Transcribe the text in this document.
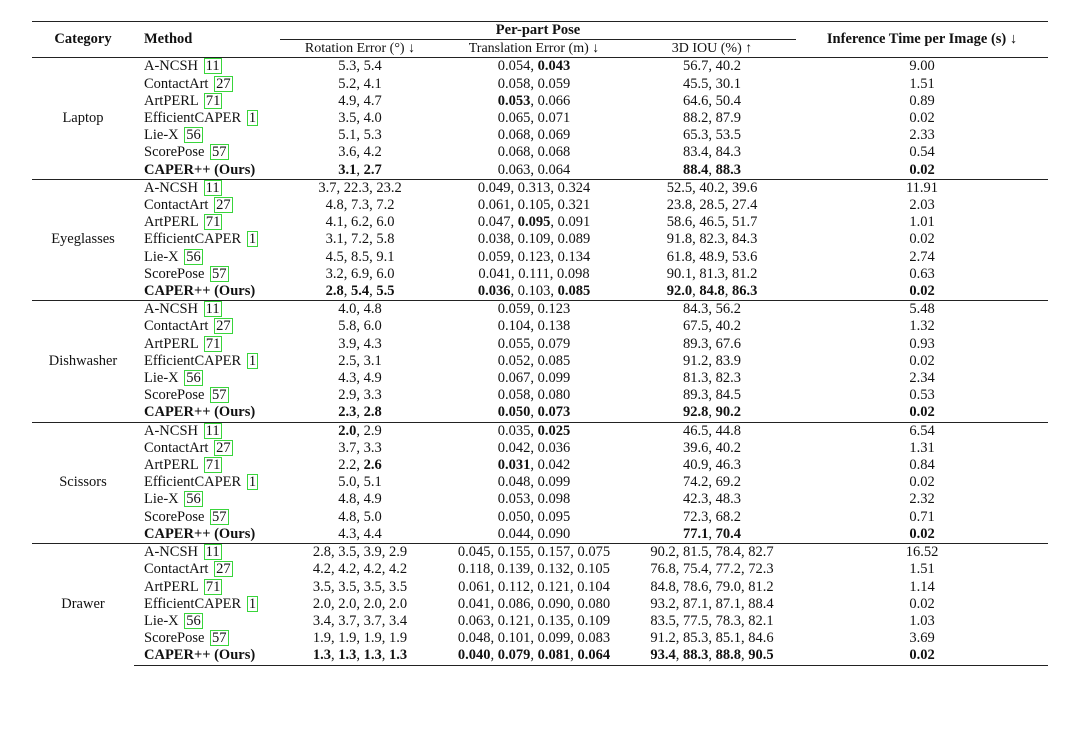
Category	Method	Per-part Pose			Inference Time per Image (s) ↓
		Rotation Error (°) ↓	Translation Error (m) ↓	3D IOU (%) ↑	
Laptop	A-NCSH 11	5.3, 5.4	0.054, 0.043	56.7, 40.2	9.00
	ContactArt 27	5.2, 4.1	0.058, 0.059	45.5, 30.1	1.51
	ArtPERL 71	4.9, 4.7	0.053, 0.066	64.6, 50.4	0.89
	EfficientCAPER 1	3.5, 4.0	0.065, 0.071	88.2, 87.9	0.02
	Lie-X 56	5.1, 5.3	0.068, 0.069	65.3, 53.5	2.33
	ScorePose 57	3.6, 4.2	0.068, 0.068	83.4, 84.3	0.54
	CAPER++ (Ours)	3.1, 2.7	0.063, 0.064	88.4, 88.3	0.02
Eyeglasses	A-NCSH 11	3.7, 22.3, 23.2	0.049, 0.313, 0.324	52.5, 40.2, 39.6	11.91
	ContactArt 27	4.8, 7.3, 7.2	0.061, 0.105, 0.321	23.8, 28.5, 27.4	2.03
	ArtPERL 71	4.1, 6.2, 6.0	0.047, 0.095, 0.091	58.6, 46.5, 51.7	1.01
	EfficientCAPER 1	3.1, 7.2, 5.8	0.038, 0.109, 0.089	91.8, 82.3, 84.3	0.02
	Lie-X 56	4.5, 8.5, 9.1	0.059, 0.123, 0.134	61.8, 48.9, 53.6	2.74
	ScorePose 57	3.2, 6.9, 6.0	0.041, 0.111, 0.098	90.1, 81.3, 81.2	0.63
	CAPER++ (Ours)	2.8, 5.4, 5.5	0.036, 0.103, 0.085	92.0, 84.8, 86.3	0.02
Dishwasher	A-NCSH 11	4.0, 4.8	0.059, 0.123	84.3, 56.2	5.48
	ContactArt 27	5.8, 6.0	0.104, 0.138	67.5, 40.2	1.32
	ArtPERL 71	3.9, 4.3	0.055, 0.079	89.3, 67.6	0.93
	EfficientCAPER 1	2.5, 3.1	0.052, 0.085	91.2, 83.9	0.02
	Lie-X 56	4.3, 4.9	0.067, 0.099	81.3, 82.3	2.34
	ScorePose 57	2.9, 3.3	0.058, 0.080	89.3, 84.5	0.53
	CAPER++ (Ours)	2.3, 2.8	0.050, 0.073	92.8, 90.2	0.02
Scissors	A-NCSH 11	2.0, 2.9	0.035, 0.025	46.5, 44.8	6.54
	ContactArt 27	3.7, 3.3	0.042, 0.036	39.6, 40.2	1.31
	ArtPERL 71	2.2, 2.6	0.031, 0.042	40.9, 46.3	0.84
	EfficientCAPER 1	5.0, 5.1	0.048, 0.099	74.2, 69.2	0.02
	Lie-X 56	4.8, 4.9	0.053, 0.098	42.3, 48.3	2.32
	ScorePose 57	4.8, 5.0	0.050, 0.095	72.3, 68.2	0.71
	CAPER++ (Ours)	4.3, 4.4	0.044, 0.090	77.1, 70.4	0.02
Drawer	A-NCSH 11	2.8, 3.5, 3.9, 2.9	0.045, 0.155, 0.157, 0.075	90.2, 81.5, 78.4, 82.7	16.52
	ContactArt 27	4.2, 4.2, 4.2, 4.2	0.118, 0.139, 0.132, 0.105	76.8, 75.4, 77.2, 72.3	1.51
	ArtPERL 71	3.5, 3.5, 3.5, 3.5	0.061, 0.112, 0.121, 0.104	84.8, 78.6, 79.0, 81.2	1.14
	EfficientCAPER 1	2.0, 2.0, 2.0, 2.0	0.041, 0.086, 0.090, 0.080	93.2, 87.1, 87.1, 88.4	0.02
	Lie-X 56	3.4, 3.7, 3.7, 3.4	0.063, 0.121, 0.135, 0.109	83.5, 77.5, 78.3, 82.1	1.03
	ScorePose 57	1.9, 1.9, 1.9, 1.9	0.048, 0.101, 0.099, 0.083	91.2, 85.3, 85.1, 84.6	3.69
	CAPER++ (Ours)	1.3, 1.3, 1.3, 1.3	0.040, 0.079, 0.081, 0.064	93.4, 88.3, 88.8, 90.5	0.02
